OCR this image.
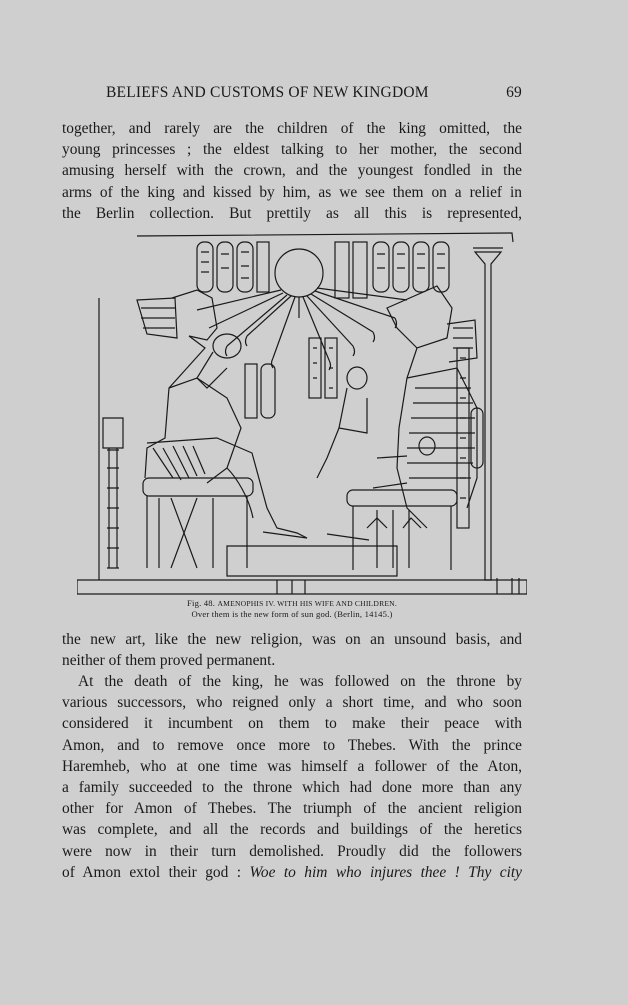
BELIEFS AND CUSTOMS OF NEW KINGDOM	69
together, and rarely are the children of the king omitted, the
young princesses ; the eldest talking to her mother, the second
amusing herself with the crown, and the youngest fondled in the
arms of the king and kissed by him, as we see them on a relief in
the Berlin collection. But prettily as all this is represented,
Fig. 48. AMENOPHIS IV. WITH HIS WIFE AND CHILDREN.
Over them is the new form of sun god. (Berlin, 14145.)
the new art, like the new religion, was on an unsound basis, and
neither of them proved permanent.
At the death of the king, he was followed on the throne by
various successors, who reigned only a short time, and who soon
considered it incumbent on them to make their peace with
Amon, and to remove once more to Thebes. With the prince
Haremheb, who at one time was himself a follower of the Aton,
a family succeeded to the throne which had done more than any
other for Amon of Thebes. The triumph of the ancient religion
was complete, and all the records and buildings of the heretics
were now in their turn demolished. Proudly did the followers
of Amon extol their god : Woe to him who injures thee ! Thy city
